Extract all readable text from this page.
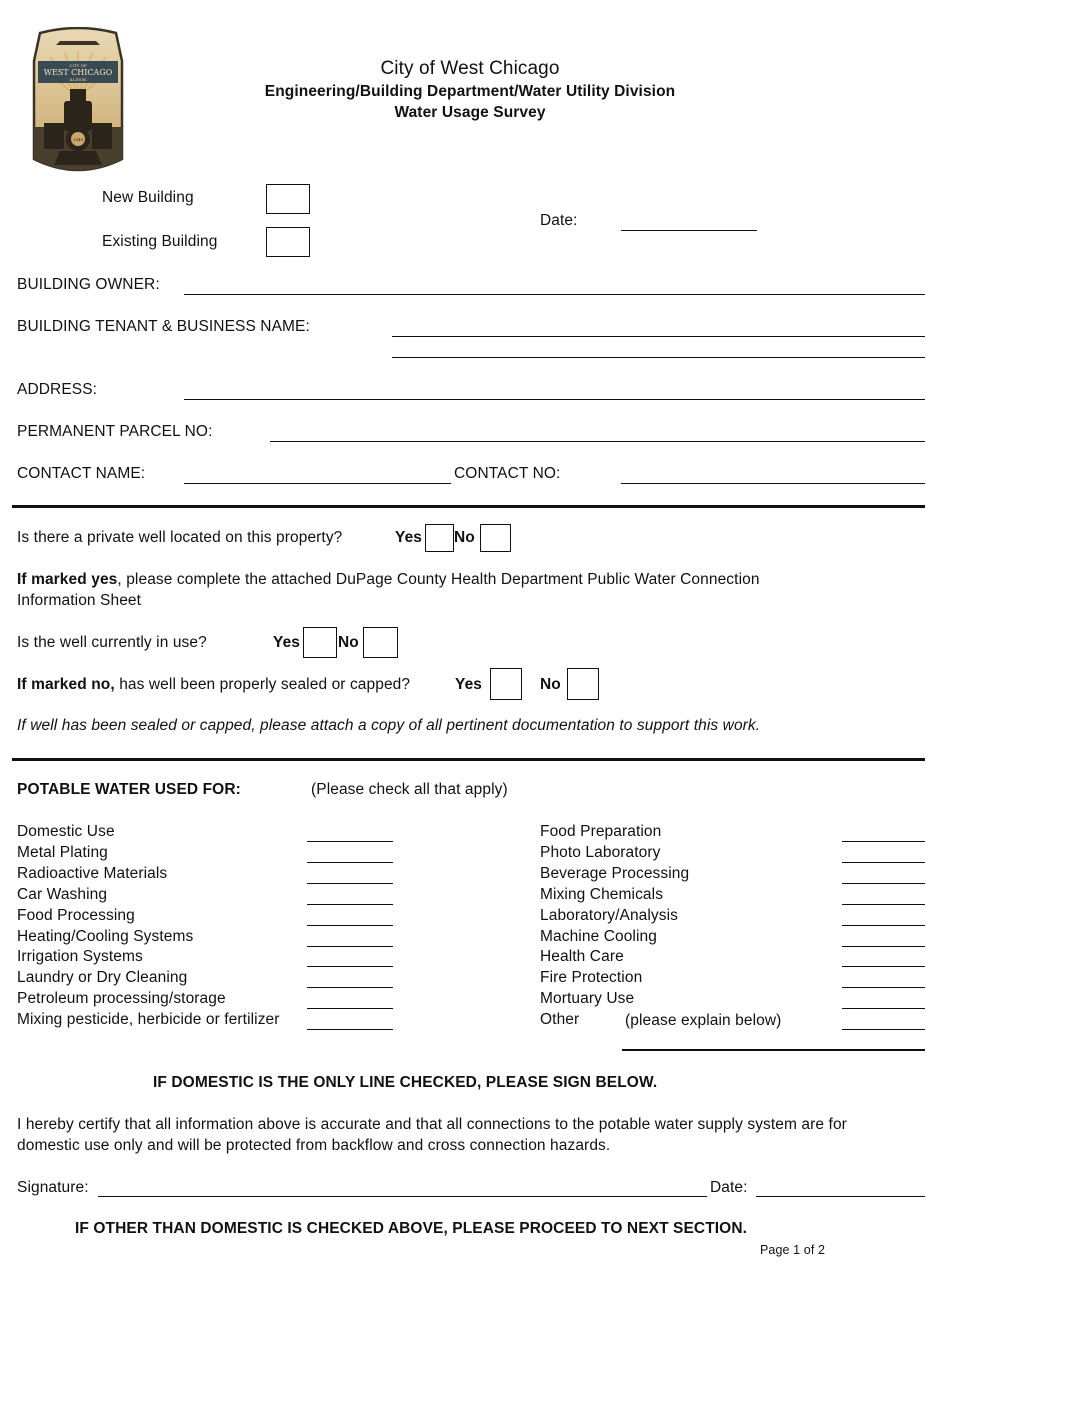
CITY OF
WEST CHICAGO
ILLINOIS
1849
City of West Chicago
Engineering/Building Department/Water Utility Division
Water Usage Survey
New Building
Existing Building
Date:
BUILDING OWNER:
BUILDING TENANT & BUSINESS NAME:
ADDRESS:
PERMANENT PARCEL NO:
CONTACT NAME:	CONTACT NO:
Is there a private well located on this property?	Yes No
If marked yes, please complete the attached DuPage County Health Department Public Water Connection
Information Sheet
Is the well currently in use?	Yes No
If marked no, has well been properly sealed or capped?	Yes	No
If well has been sealed or capped, please attach a copy of all pertinent documentation to support this work.
POTABLE WATER USED FOR:	(Please check all that apply)
Domestic Use
Metal Plating
Radioactive Materials
Car Washing
Food Processing
Heating/Cooling Systems
Irrigation Systems
Laundry or Dry Cleaning
Petroleum processing/storage
Mixing pesticide, herbicide or fertilizer
Food Preparation
Photo Laboratory
Beverage Processing
Mixing Chemicals
Laboratory/Analysis
Machine Cooling
Health Care
Fire Protection
Mortuary Use
Other	(please explain below)
IF DOMESTIC IS THE ONLY LINE CHECKED, PLEASE SIGN BELOW.
I hereby certify that all information above is accurate and that all connections to the potable water supply system are for
domestic use only and will be protected from backflow and cross connection hazards.
Signature:	Date:
IF OTHER THAN DOMESTIC IS CHECKED ABOVE, PLEASE PROCEED TO NEXT SECTION.
Page 1 of 2
